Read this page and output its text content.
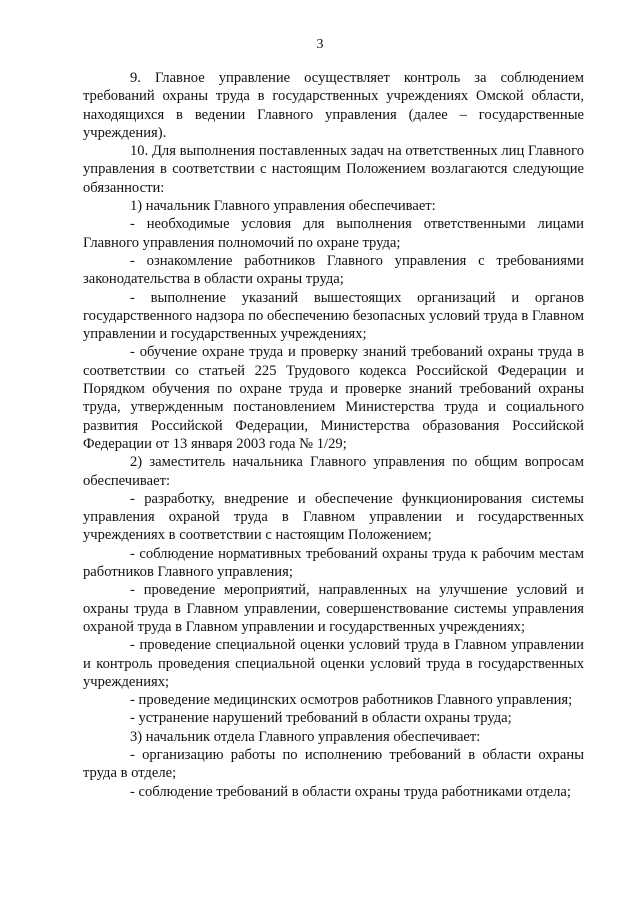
3

9. Главное управление осуществляет контроль за соблюдением требований охраны труда в государственных учреждениях Омской области, находящихся в ведении Главного управления (далее – государственные учреждения).

10. Для выполнения поставленных задач на ответственных лиц Главного управления в соответствии с настоящим Положением возлагаются следующие обязанности:

1) начальник Главного управления обеспечивает:

- необходимые условия для выполнения ответственными лицами Главного управления полномочий по охране труда;

- ознакомление работников Главного управления с требованиями законодательства в области охраны труда;

- выполнение указаний вышестоящих организаций и органов государственного надзора по обеспечению безопасных условий труда в Главном управлении и государственных учреждениях;

- обучение охране труда и проверку знаний требований охраны труда в соответствии со статьей 225 Трудового кодекса Российской Федерации и Порядком обучения по охране труда и проверке знаний требований охраны труда, утвержденным постановлением Министерства труда и социального развития Российской Федерации, Министерства образования Российской Федерации от 13 января 2003 года № 1/29;

2) заместитель начальника Главного управления по общим вопросам обеспечивает:

- разработку, внедрение и обеспечение функционирования системы управления охраной труда в Главном управлении и государственных учреждениях в соответствии с настоящим Положением;

- соблюдение нормативных требований охраны труда к рабочим местам работников Главного управления;

- проведение мероприятий, направленных на улучшение условий и охраны труда в Главном управлении, совершенствование системы управления охраной труда в Главном управлении и государственных учреждениях;

- проведение специальной оценки условий труда в Главном управлении и контроль проведения специальной оценки условий труда в государственных учреждениях;

- проведение медицинских осмотров работников Главного управления;

- устранение нарушений требований в области охраны труда;

3) начальник отдела Главного управления обеспечивает:

- организацию работы по исполнению требований в области охраны труда в отделе;

- соблюдение требований в области охраны труда работниками отдела;
